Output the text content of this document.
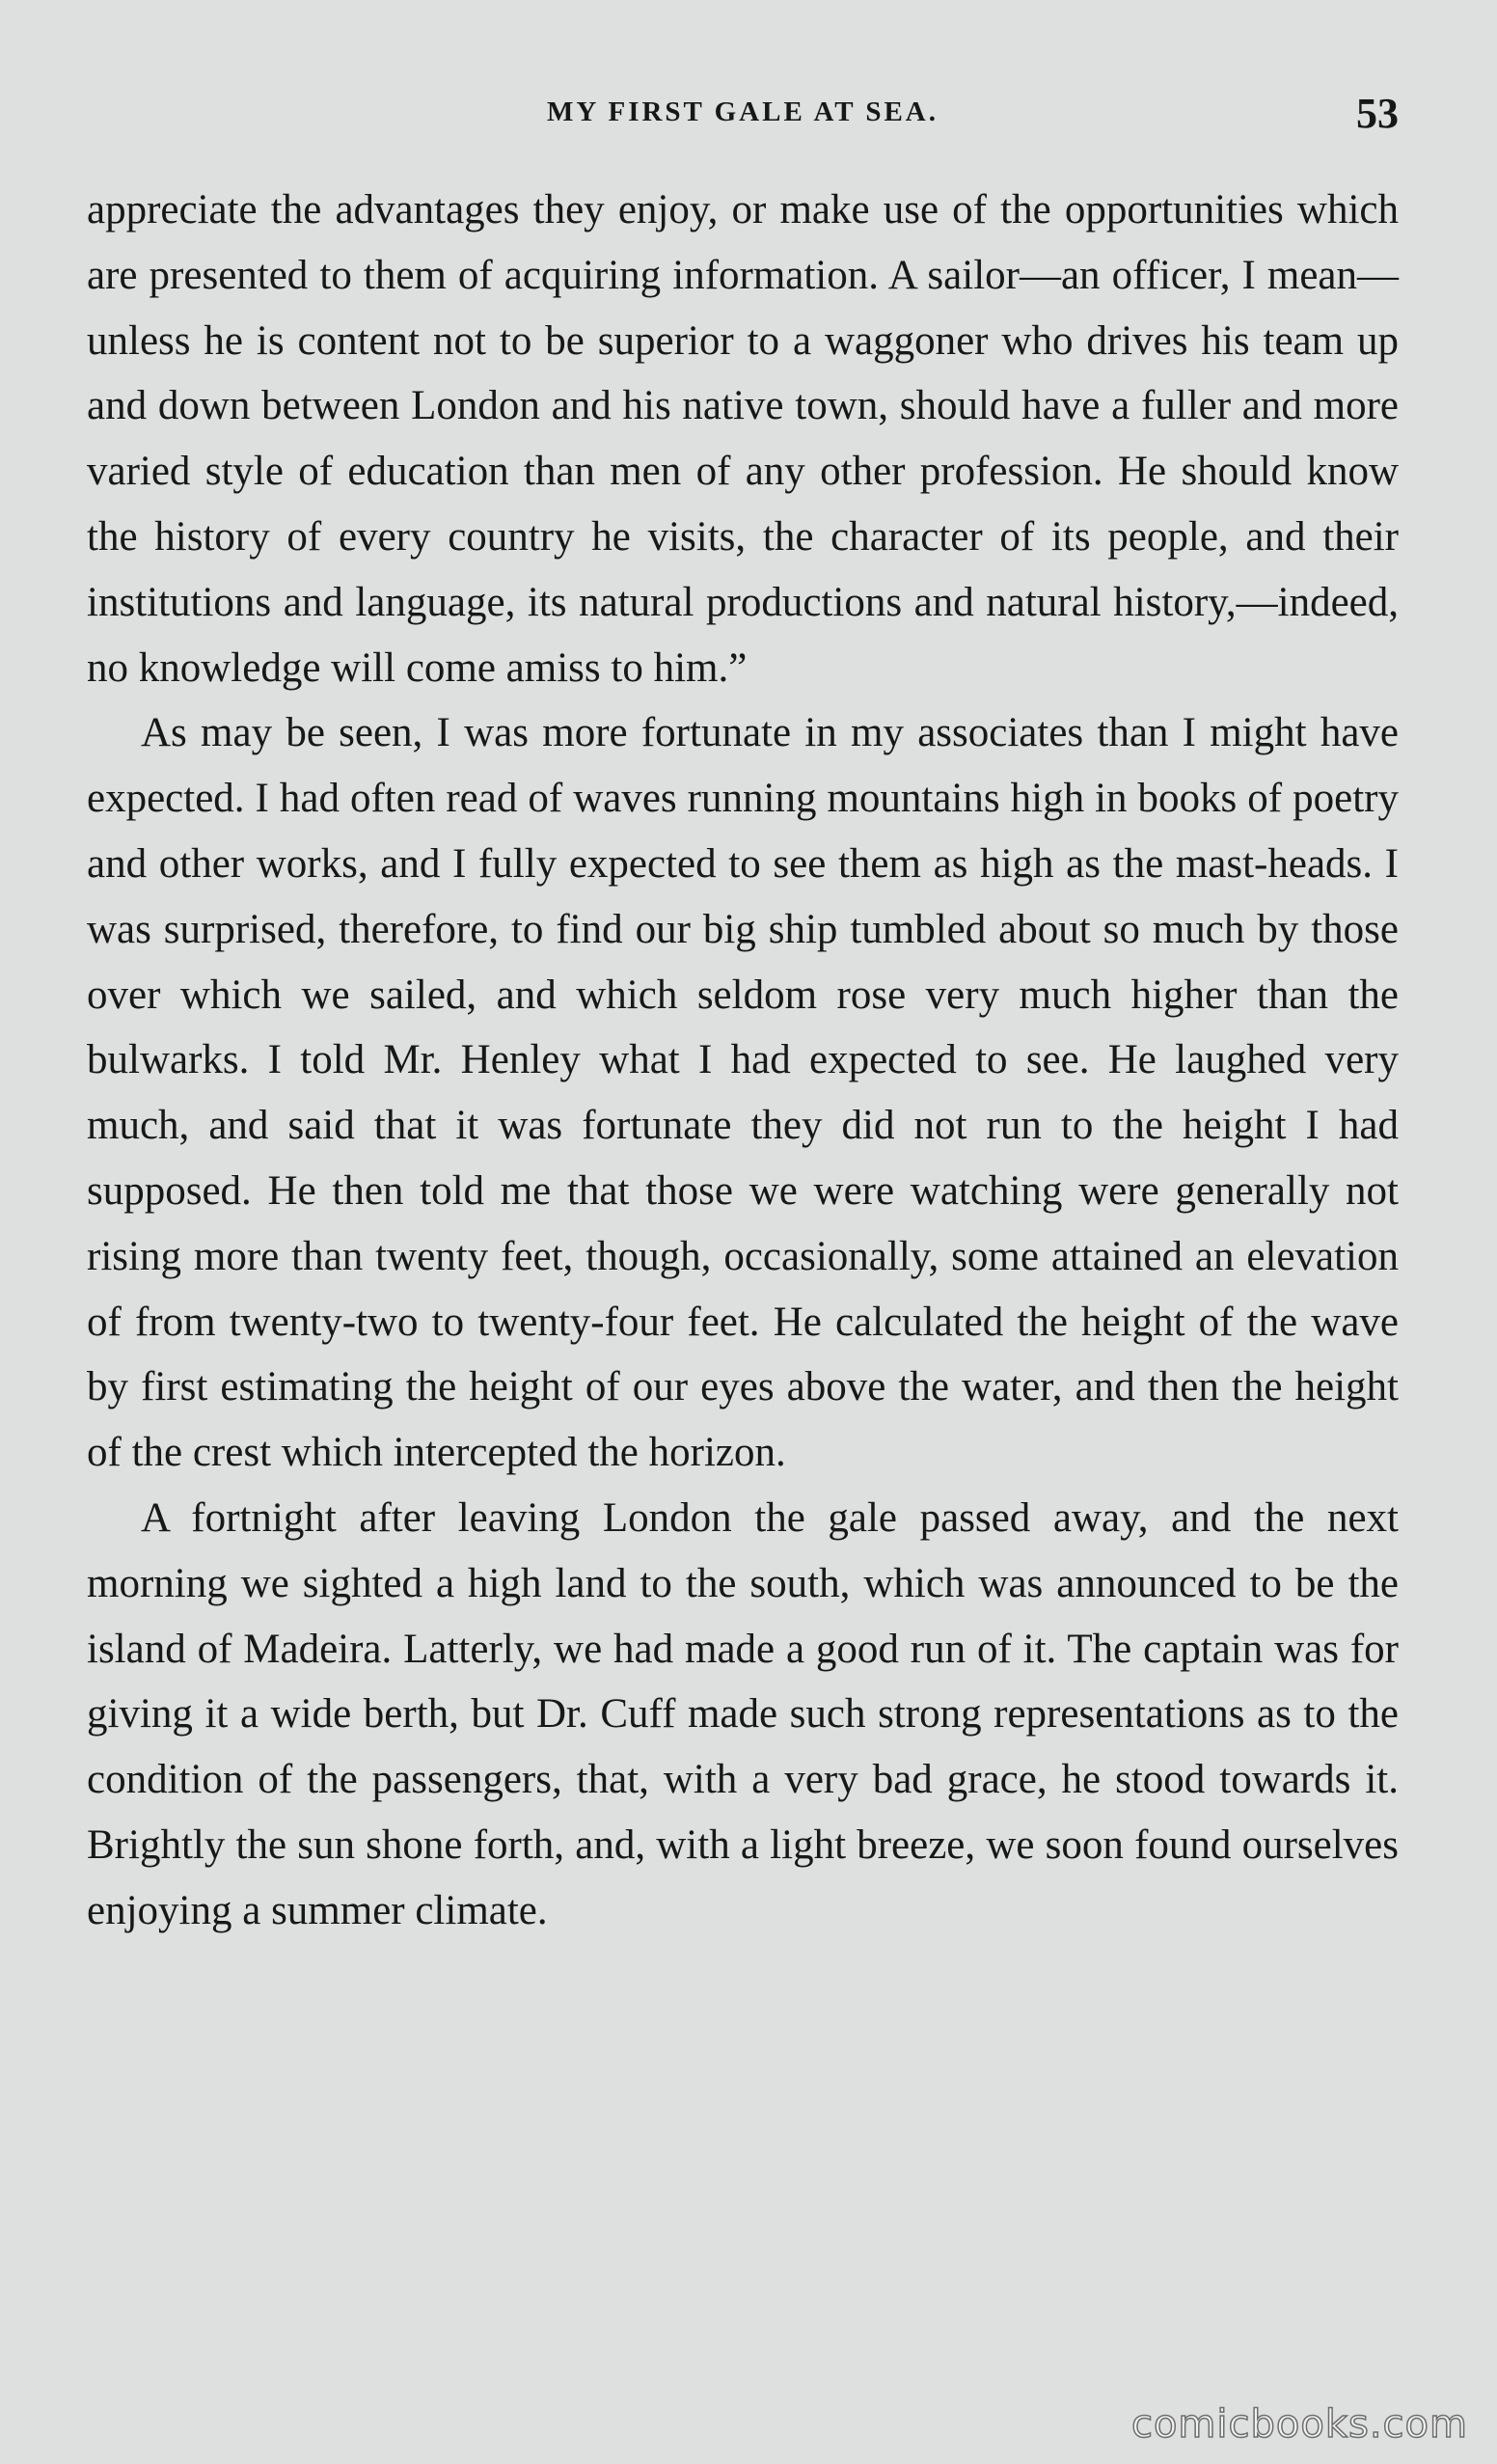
MY FIRST GALE AT SEA.	53

appreciate the advantages they enjoy, or make use of the opportunities which are presented to them of acquiring information. A sailor—an officer, I mean—unless he is content not to be superior to a waggoner who drives his team up and down between London and his native town, should have a fuller and more varied style of education than men of any other profession. He should know the history of every country he visits, the character of its people, and their institutions and language, its natural productions and natural history,—indeed, no knowledge will come amiss to him.”

As may be seen, I was more fortunate in my associates than I might have expected. I had often read of waves running mountains high in books of poetry and other works, and I fully expected to see them as high as the mast-heads. I was surprised, therefore, to find our big ship tumbled about so much by those over which we sailed, and which seldom rose very much higher than the bulwarks. I told Mr. Henley what I had expected to see. He laughed very much, and said that it was fortunate they did not run to the height I had supposed. He then told me that those we were watching were generally not rising more than twenty feet, though, occasionally, some attained an elevation of from twenty-two to twenty-four feet. He calculated the height of the wave by first estimating the height of our eyes above the water, and then the height of the crest which intercepted the horizon.

A fortnight after leaving London the gale passed away, and the next morning we sighted a high land to the south, which was announced to be the island of Madeira. Latterly, we had made a good run of it. The captain was for giving it a wide berth, but Dr. Cuff made such strong representations as to the condition of the passengers, that, with a very bad grace, he stood towards it. Brightly the sun shone forth, and, with a light breeze, we soon found ourselves enjoying a summer climate.

comicbooks.com
